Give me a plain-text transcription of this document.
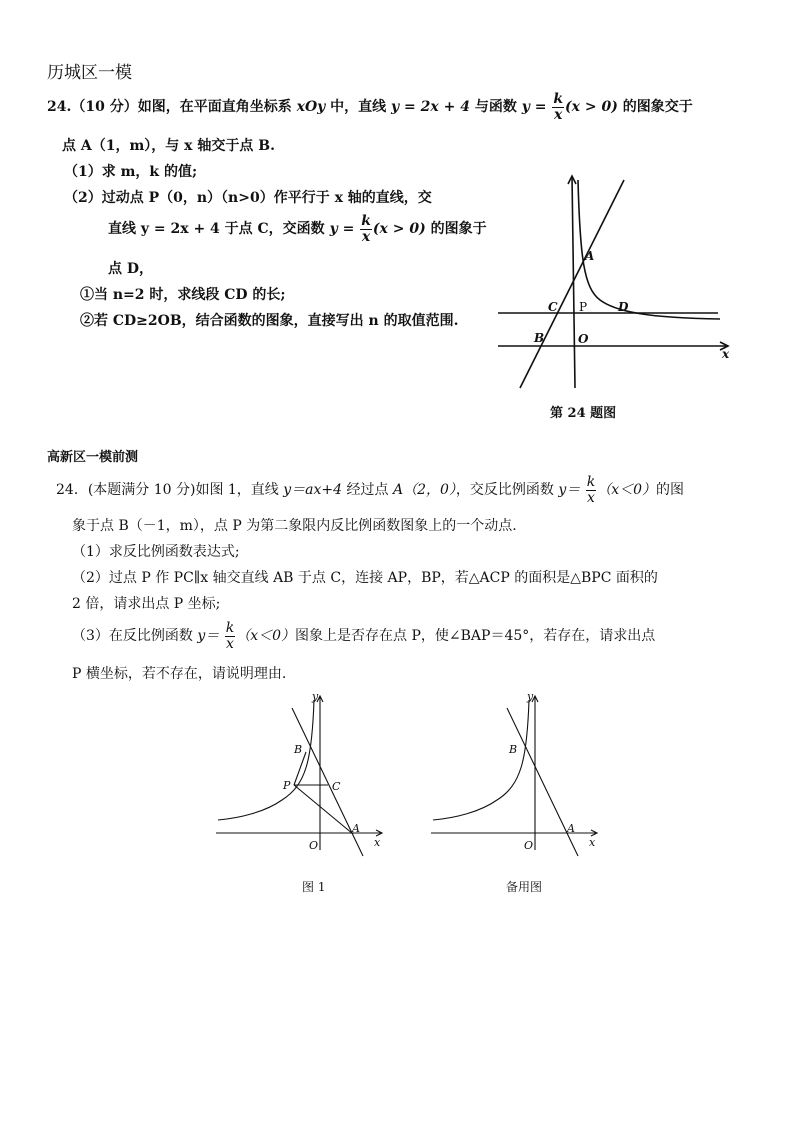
历城区一模
24.（10 分）如图，在平面直角坐标系 xOy 中，直线 y = 2x + 4 与函数 $y = \frac{k}{x} (x > 0)$ 的图象交于
点 A（1，m），与 x 轴交于点 B.
（1）求 m，k 的值;
（2）过动点 P（0，n）（n>0）作平行于 x 轴的直线，交
直线 y = 2x + 4 于点 C，交函数 $y = \frac{k}{x} (x > 0)$ 的图象于
点 D，
①当 n=2 时，求线段 CD 的长;
②若 CD≥2OB，结合函数的图象，直接写出 n 的取值范围.
A
C P	D
B	O
x
第 24 题图
高新区一模前测
24．(本题满分 10 分)如图 1，直线 y＝ax+4 经过点 A（2，0），交反比例函数 $y= \frac{k}{x} (x<0)$的图
象于点 B（－1，m），点 P 为第二象限内反比例函数图象上的一个动点.
（1）求反比例函数表达式;
（2）过点 P 作 PC∥x 轴交直线 AB 于点 C，连接 AP，BP，若△ACP 的面积是△BPC 面积的
2 倍，请求出点 P 坐标;
（3）在反比例函数 $y= \frac{k}{x} (x<0)$图象上是否存在点 P，使∠BAP＝45°，若存在，请求出点
P 横坐标，若不存在，请说明理由.
B
P	C
A
O	x
y
图 1
B
A
O	x
y
备用图
